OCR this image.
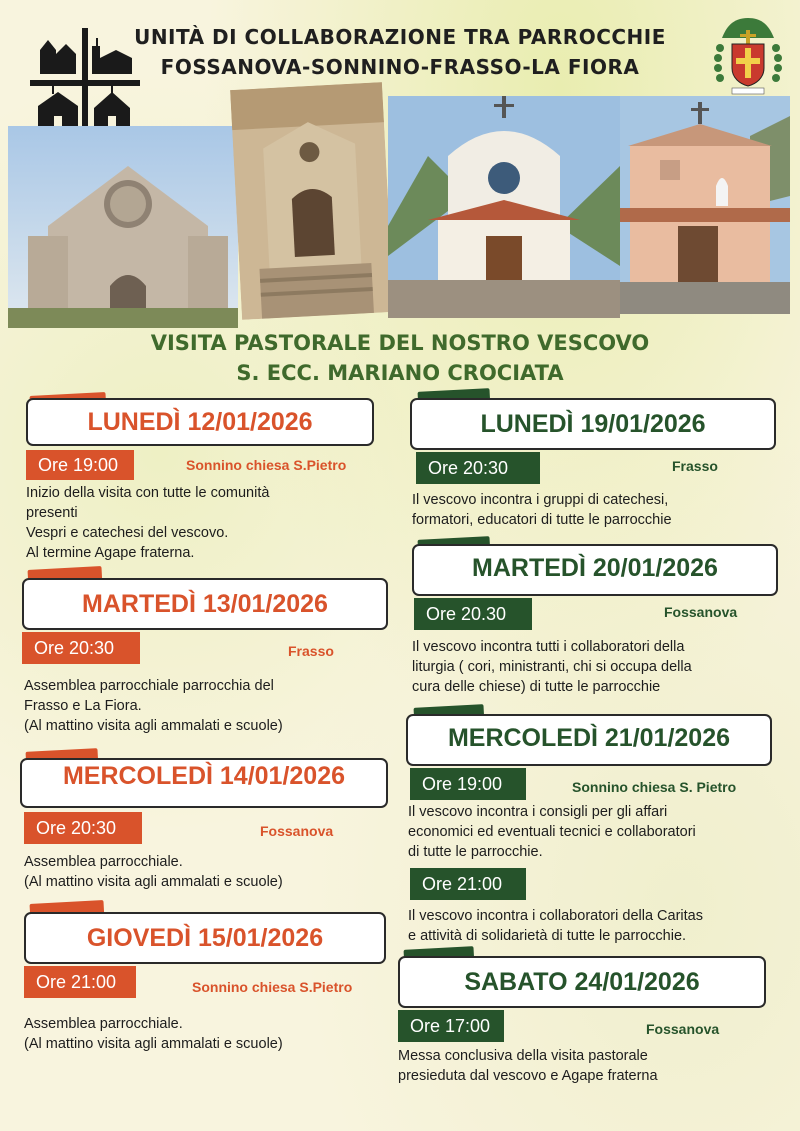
UNITÀ DI COLLABORAZIONE TRA PARROCCHIE
FOSSANOVA-SONNINO-FRASSO-LA FIORA
VISITA PASTORALE DEL NOSTRO VESCOVO
S. ECC. MARIANO CROCIATA
LUNEDÌ 12/01/2026
Ore 19:00	Sonnino chiesa S.Pietro
Inizio della visita con tutte le comunità
presenti
Vespri e catechesi del vescovo.
Al termine Agape fraterna.
MARTEDÌ 13/01/2026
Ore 20:30	Frasso
Assemblea parrocchiale parrocchia del
Frasso e La Fiora.
(Al mattino visita agli ammalati e scuole)
MERCOLEDÌ 14/01/2026
Ore 20:30	Fossanova
Assemblea parrocchiale.
(Al mattino visita agli ammalati e scuole)
GIOVEDÌ 15/01/2026
Ore 21:00	Sonnino chiesa S.Pietro
Assemblea parrocchiale.
(Al mattino visita agli ammalati e scuole)
LUNEDÌ 19/01/2026
Ore 20:30	Frasso
Il vescovo incontra i gruppi di catechesi,
formatori, educatori di tutte le parrocchie
MARTEDÌ 20/01/2026
Ore 20.30	Fossanova
Il vescovo incontra tutti i collaboratori della
liturgia ( cori, ministranti, chi si occupa della
cura delle chiese) di tutte le parrocchie
MERCOLEDÌ 21/01/2026
Ore 19:00	Sonnino chiesa S. Pietro
Il vescovo incontra i consigli per gli affari
economici ed eventuali tecnici e collaboratori
di tutte le parrocchie.
Ore 21:00
Il vescovo incontra i collaboratori della Caritas
e attività di solidarietà di tutte le parrocchie.
SABATO 24/01/2026
Ore 17:00	Fossanova
Messa conclusiva della visita pastorale
presieduta dal vescovo e Agape fraterna
